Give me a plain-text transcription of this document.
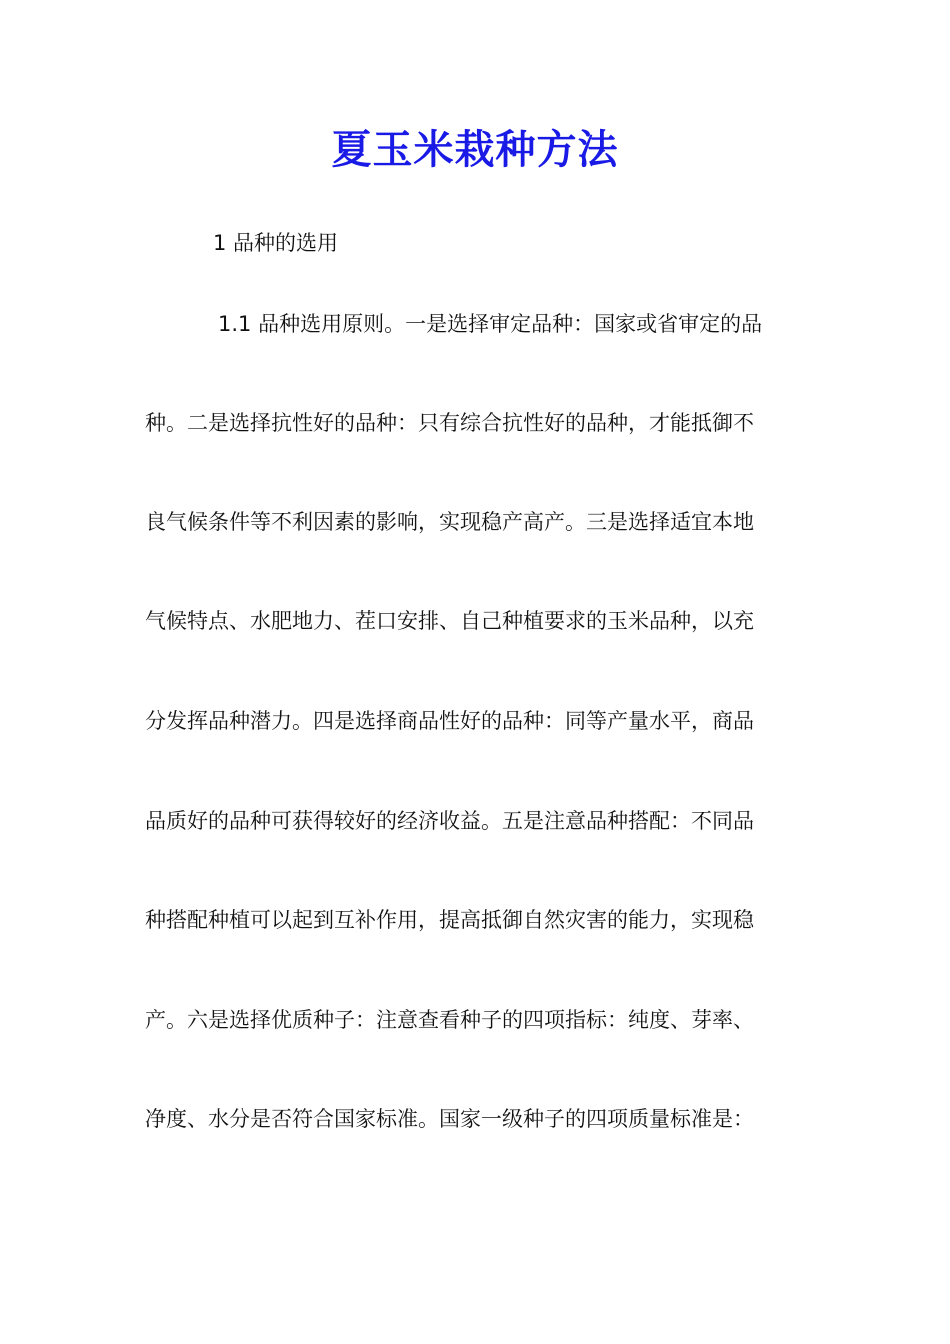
夏玉米栽种方法
1 品种的选用
1.1 品种选用原则。一是选择审定品种：国家或省审定的品
种。二是选择抗性好的品种：只有综合抗性好的品种，才能抵御不
良气候条件等不利因素的影响，实现稳产高产。三是选择适宜本地
气候特点、水肥地力、茬口安排、自己种植要求的玉米品种，以充
分发挥品种潜力。四是选择商品性好的品种：同等产量水平，商品
品质好的品种可获得较好的经济收益。五是注意品种搭配：不同品
种搭配种植可以起到互补作用，提高抵御自然灾害的能力，实现稳
产。六是选择优质种子：注意查看种子的四项指标：纯度、芽率、
净度、水分是否符合国家标准。国家一级种子的四项质量标准是：
